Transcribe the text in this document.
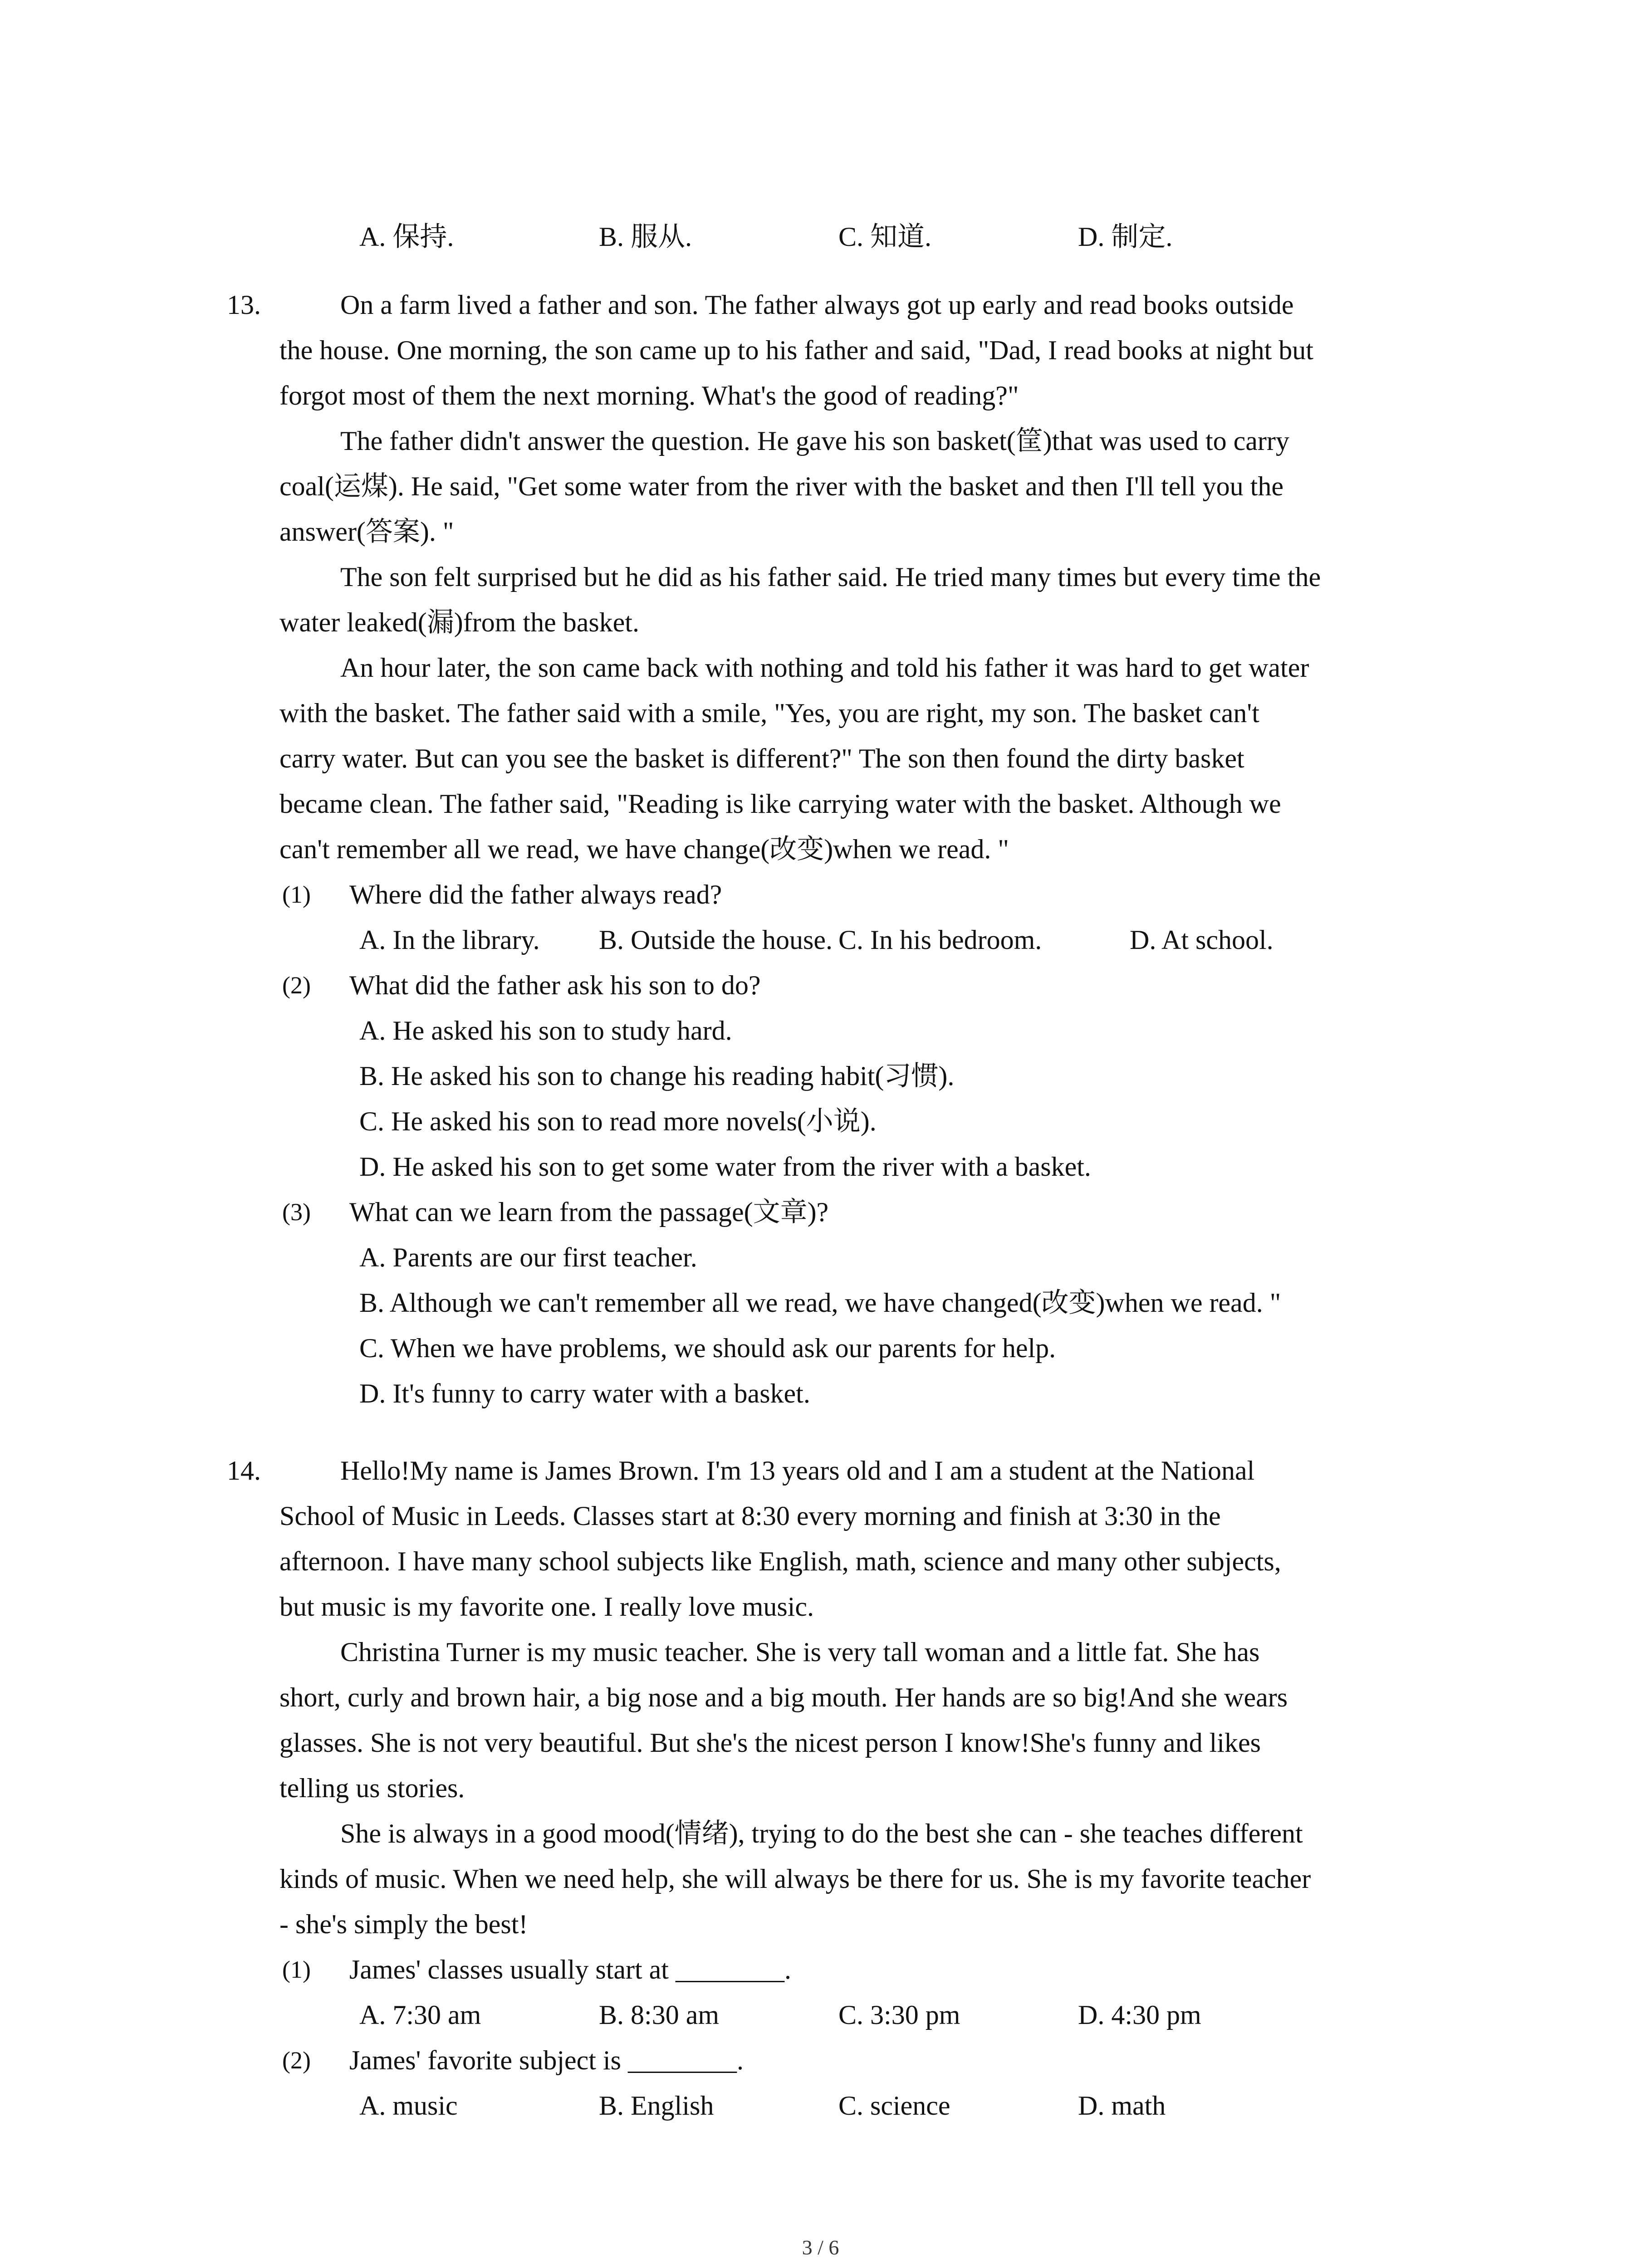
A. 保持.	B. 服从.	C. 知道.	D. 制定.
13.	On a farm lived a father and son. The father always got up early and read books outside
the house. One morning, the son came up to his father and said, "Dad, I read books at night but
forgot most of them the next morning. What's the good of reading?"
The father didn't answer the question. He gave his son basket(筐)that was used to carry
coal(运煤). He said, "Get some water from the river with the basket and then I'll tell you the
answer(答案). "
The son felt surprised but he did as his father said. He tried many times but every time the
water leaked(漏)from the basket.
An hour later, the son came back with nothing and told his father it was hard to get water
with the basket. The father said with a smile, "Yes, you are right, my son. The basket can't
carry water. But can you see the basket is different?" The son then found the dirty basket
became clean. The father said, "Reading is like carrying water with the basket. Although we
can't remember all we read, we have change(改变)when we read. "
(1) Where did the father always read?
A. In the library. B. Outside the house. C. In his bedroom.	D. At school.
(2) What did the father ask his son to do?
A. He asked his son to study hard.
B. He asked his son to change his reading habit(习惯).
C. He asked his son to read more novels(小说).
D. He asked his son to get some water from the river with a basket.
(3) What can we learn from the passage(文章)?
A. Parents are our first teacher.
B. Although we can't remember all we read, we have changed(改变)when we read. "
C. When we have problems, we should ask our parents for help.
D. It's funny to carry water with a basket.
14.	Hello!My name is James Brown. I'm 13 years old and I am a student at the National
School of Music in Leeds. Classes start at 8:30 every morning and finish at 3:30 in the
afternoon. I have many school subjects like English, math, science and many other subjects,
but music is my favorite one. I really love music.
Christina Turner is my music teacher. She is very tall woman and a little fat. She has
short, curly and brown hair, a big nose and a big mouth. Her hands are so big!And she wears
glasses. She is not very beautiful. But she's the nicest person I know!She's funny and likes
telling us stories.
She is always in a good mood(情绪), trying to do the best she can - she teaches different
kinds of music. When we need help, she will always be there for us. She is my favorite teacher
- she's simply the best!
(1) James' classes usually start at ________.
A. 7:30 am	B. 8:30 am	C. 3:30 pm	D. 4:30 pm
(2) James' favorite subject is ________.
A. music	B. English	C. science	D. math
3 / 6
